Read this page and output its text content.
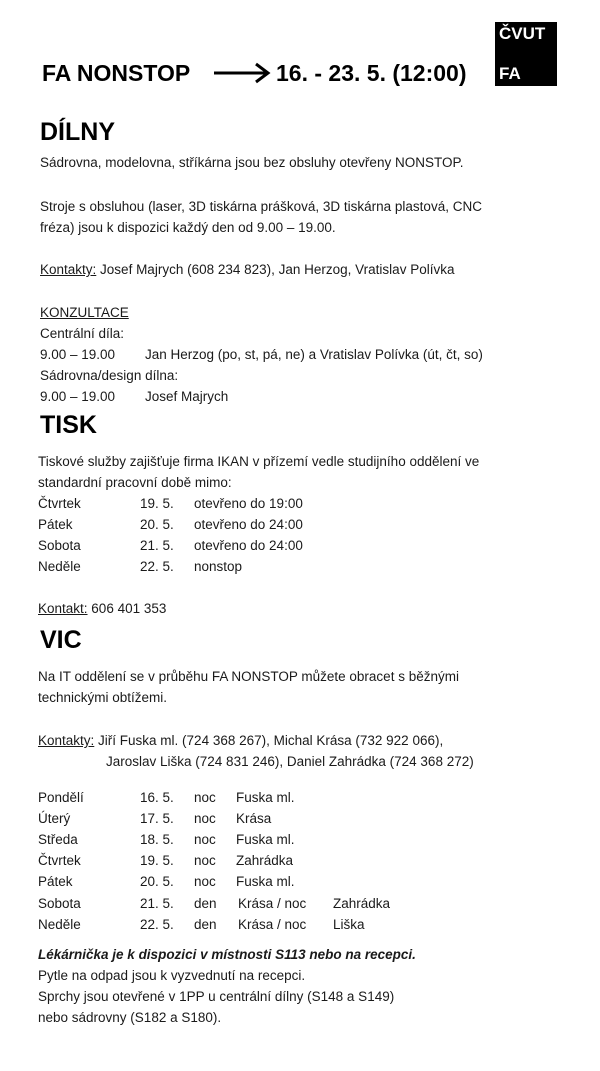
ČVUT
FA
FA NONSTOP	16. - 23. 5. (12:00)
DÍLNY
Sádrovna, modelovna, stříkárna jsou bez obsluhy otevřeny NONSTOP.
Stroje s obsluhou (laser, 3D tiskárna prášková, 3D tiskárna plastová, CNC
fréza) jsou k dispozici každý den od 9.00 – 19.00.
Kontakty: Josef Majrych (608 234 823), Jan Herzog, Vratislav Polívka
KONZULTACE
Centrální díla:
9.00 – 19.00 Jan Herzog (po, st, pá, ne) a Vratislav Polívka (út, čt, so)
Sádrovna/design dílna:
9.00 – 19.00 Josef Majrych
TISK
Tiskové služby zajišťuje firma IKAN v přízemí vedle studijního oddělení ve
standardní pracovní době mimo:
Čtvrtek	19. 5. otevřeno do 19:00
Pátek	20. 5. otevřeno do 24:00
Sobota	21. 5. otevřeno do 24:00
Neděle	22. 5. nonstop
Kontakt: 606 401 353
VIC
Na IT oddělení se v průběhu FA NONSTOP můžete obracet s běžnými
technickými obtížemi.
Kontakty: Jiří Fuska ml. (724 368 267), Michal Krása (732 922 066),
Jaroslav Liška (724 831 246), Daniel Zahrádka (724 368 272)
Pondělí	16. 5. noc Fuska ml.
Úterý	17. 5. noc Krása
Středa	18. 5. noc Fuska ml.
Čtvrtek	19. 5. noc Zahrádka
Pátek	20. 5. noc Fuska ml.
Sobota	21. 5. den Krása / noc Zahrádka
Neděle	22. 5. den Krása / noc Liška
Lékárnička je k dispozici v místnosti S113 nebo na recepci.
Pytle na odpad jsou k vyzvednutí na recepci.
Sprchy jsou otevřené v 1PP u centrální dílny (S148 a S149)
nebo sádrovny (S182 a S180).
